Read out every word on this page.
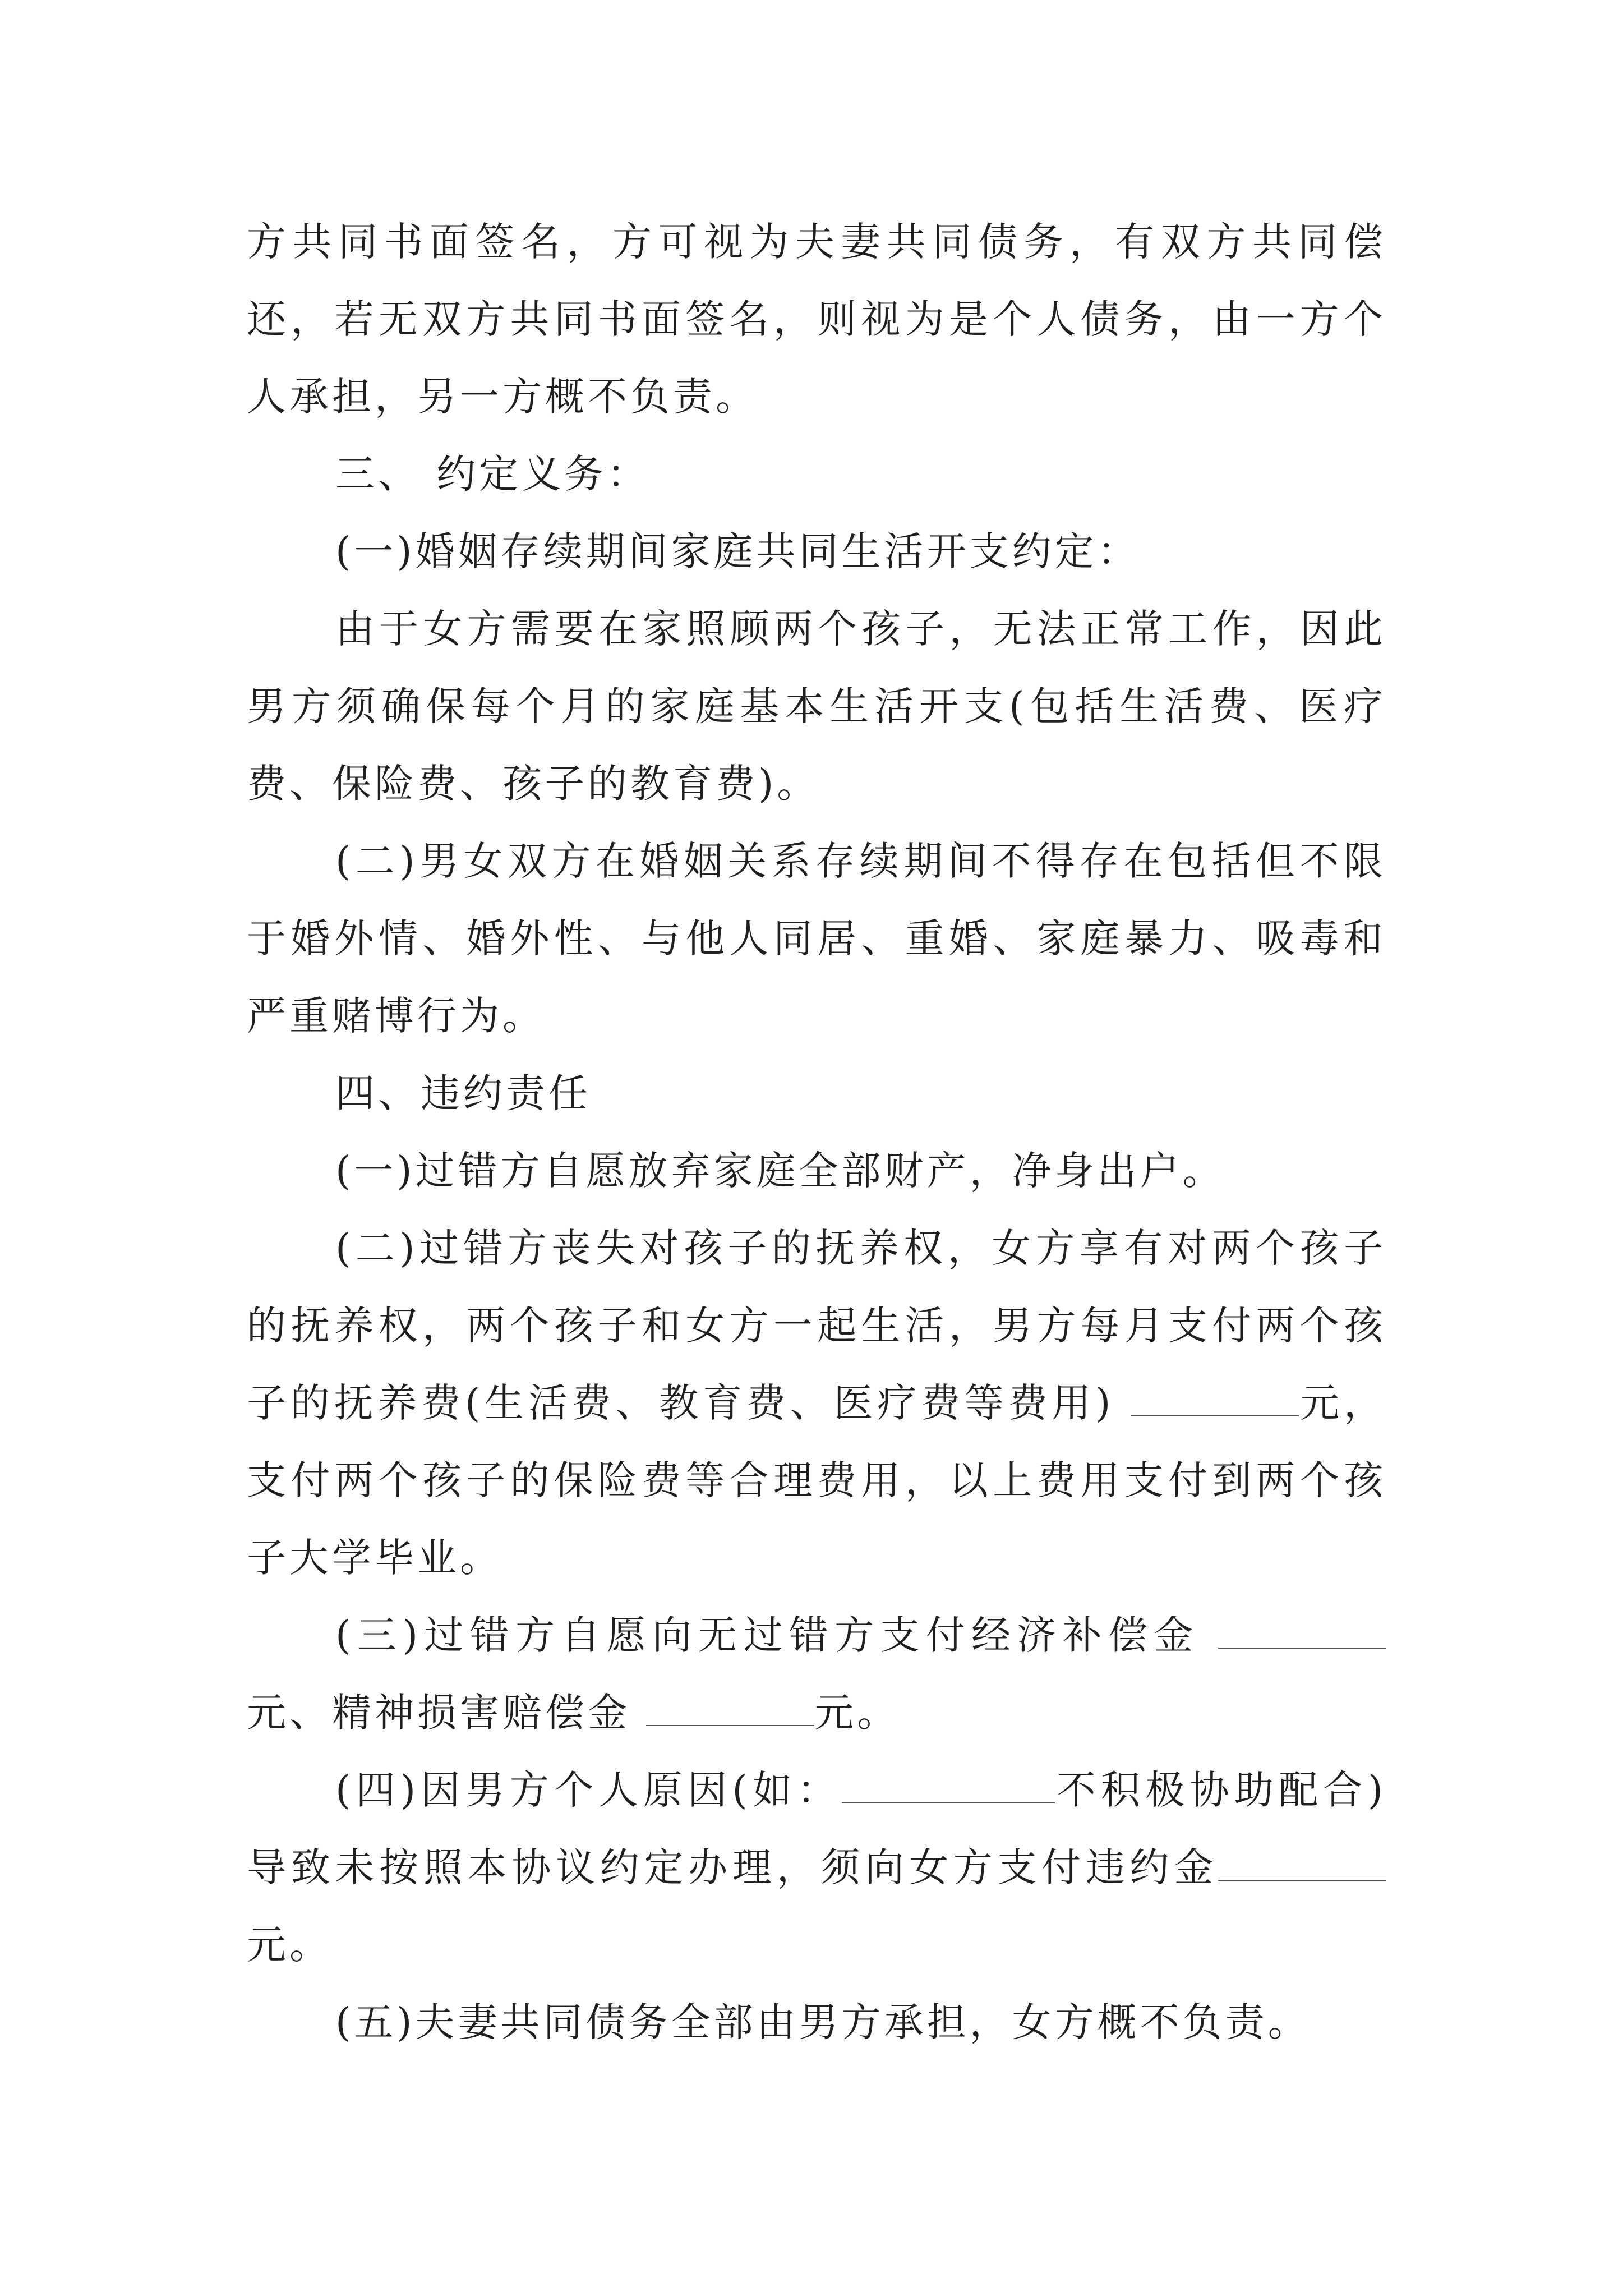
方共同书面签名，方可视为夫妻共同债务，有双方共同偿还，若无双方共同书面签名，则视为是个人债务，由一方个人承担，另一方概不负责。

三、 约定义务：

(一)婚姻存续期间家庭共同生活开支约定：

由于女方需要在家照顾两个孩子，无法正常工作，因此男方须确保每个月的家庭基本生活开支(包括生活费、医疗费、保险费、孩子的教育费)。

(二)男女双方在婚姻关系存续期间不得存在包括但不限于婚外情、婚外性、与他人同居、重婚、家庭暴力、吸毒和严重赌博行为。

四、违约责任

(一)过错方自愿放弃家庭全部财产，净身出户。

(二)过错方丧失对孩子的抚养权，女方享有对两个孩子的抚养权，两个孩子和女方一起生活，男方每月支付两个孩子的抚养费(生活费、教育费、医疗费等费用)	元，支付两个孩子的保险费等合理费用，以上费用支付到两个孩子大学毕业。

(三)过错方自愿向无过错方支付经济补偿金 元、精神损害赔偿金	元。

(四)因男方个人原因(如：	不积极协助配合)导致未按照本协议约定办理，须向女方支付违约金元。

(五)夫妻共同债务全部由男方承担，女方概不负责。
